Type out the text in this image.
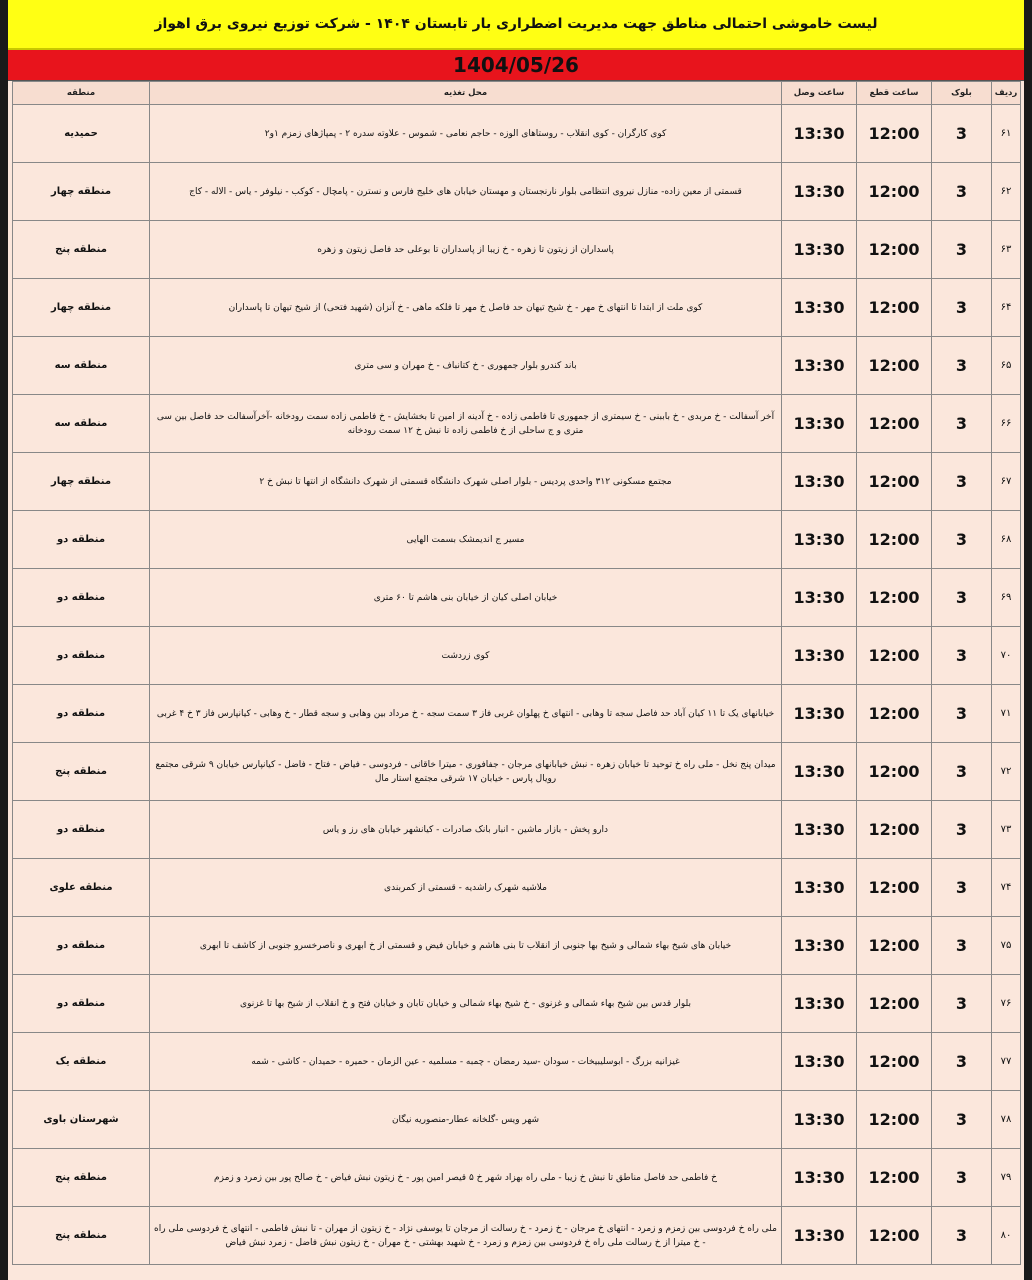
لیست خاموشی احتمالی مناطق جهت مدیریت اضطراری بار تابستان ۱۴۰۴ - شرکت توزیع نیروی برق اهواز
1404/05/26
ردیف	بلوک	ساعت قطع	ساعت وصل	محل تغذیه	منطقه
۶۱	3	12:00	13:30	کوی کارگران - کوی انقلاب - روستاهای الوزه - حاجم نعامی - شموس - علاوته سدره ۲ - پمپاژهای زمزم ۱و۲	حمیدیه
۶۲	3	12:00	13:30	قسمتی از معین زاده- منازل نیروی انتظامی بلوار نارنجستان و مهستان خیابان های خلیج فارس و نسترن - پامچال - کوکب - نیلوفر - یاس - الاله - کاج	منطقه چهار
۶۳	3	12:00	13:30	پاسداران از زیتون تا زهره - خ زیبا از پاسداران تا بوعلی حد فاصل زیتون و زهره	منطقه پنج
۶۴	3	12:00	13:30	کوی ملت از ابتدا تا انتهای خ مهر - خ شیخ تیهان حد فاصل خ مهر تا فلکه ماهی - خ آنزان (شهید فتحی) از شیخ تیهان تا پاسداران	منطقه چهار
۶۵	3	12:00	13:30	باند کندرو بلوار جمهوری - خ کتانباف - خ مهران و سی متری	منطقه سه
۶۶	3	12:00	13:30	آخر آسفالت - خ مربدی - خ باببنی - خ سیمتری از جمهوری تا فاطمی زاده - خ آدینه از امین تا بخشایش - خ فاطمی زاده سمت رودخانه -آخرآسفالت حد فاصل بین سی متری و ج ساحلی از خ فاطمی زاده تا نبش خ ۱۲ سمت رودخانه	منطقه سه
۶۷	3	12:00	13:30	مجتمع مسکونی ۳۱۲ واحدی پردیس - بلوار اصلی شهرک دانشگاه قسمتی از شهرک دانشگاه از انتها تا نبش خ ۲	منطقه چهار
۶۸	3	12:00	13:30	مسیر ج اندیمشک بسمت الهایی	منطقه دو
۶۹	3	12:00	13:30	خیابان اصلی کیان از خیابان بنی هاشم تا ۶۰ متری	منطقه دو
۷۰	3	12:00	13:30	کوی زردشت	منطقه دو
۷۱	3	12:00	13:30	خیابانهای یک تا ۱۱ کیان آباد حد فاصل سجه تا وهابی - انتهای خ پهلوان غربی فاز ۳ سمت سجه - خ مرداد بین وهابی و سجه قطار - خ وهابی - کیانپارس فاز ۳ خ ۴ غربی	منطقه دو
۷۲	3	12:00	13:30	میدان پنج نخل - ملی راه خ توحید تا خیابان زهره - نبش خیابانهای مرجان - جفافوری - میترا خاقانی - فردوسی - فیاض - فتاح - فاضل - کیانپارس خیابان ۹ شرقی مجتمع رویال پارس - خیابان ۱۷ شرقی مجتمع استار مال	منطقه پنج
۷۳	3	12:00	13:30	دارو پخش - بازار ماشین - انبار بانک صادرات - کیانشهر خیابان های رز و یاس	منطقه دو
۷۴	3	12:00	13:30	ملاشیه شهرک راشدیه - قسمتی از کمربندی	منطقه علوی
۷۵	3	12:00	13:30	خیابان های شیخ بهاء شمالی و شیخ بها جنوبی از انقلاب تا بنی هاشم و خیابان فیض و قسمتی از خ ابهری و ناصرخسرو جنوبی از کاشف تا ابهری	منطقه دو
۷۶	3	12:00	13:30	بلوار قدس بین شیخ بهاء شمالی و غزنوی - خ شیخ بهاء شمالی و خیابان تابان و خیابان فتح و خ انقلاب از شیخ بها تا غزنوی	منطقه دو
۷۷	3	12:00	13:30	غیزانیه بزرگ - ابوسلیبیخات - سودان -سید رمضان - چمبه - مسلمیه - عین الزمان - حمیره - حمیدان - کاشی - شمه	منطقه یک
۷۸	3	12:00	13:30	شهر ویس -گلخانه عطار-منصوریه نیگان	شهرستان باوی
۷۹	3	12:00	13:30	خ فاطمی حد فاصل مناطق تا نبش خ زیبا - ملی راه بهزاد شهر خ ۵ قیصر امین پور - خ زیتون نبش فیاض - خ صالح پور بین زمرد و زمزم	منطقه پنج
۸۰	3	12:00	13:30	ملی راه خ فردوسی بین زمزم و زمرد - انتهای خ مرجان - خ زمرد - خ رسالت از مرجان تا یوسفی نژاد - خ زیتون از مهران - تا نبش فاطمی - انتهای خ فردوسی ملی راه - خ میترا از خ رسالت ملی راه خ فردوسی بین زمزم و زمرد - خ شهید بهشتی - خ مهران - خ زیتون نبش فاضل - زمرد نبش فیاض	منطقه پنج
